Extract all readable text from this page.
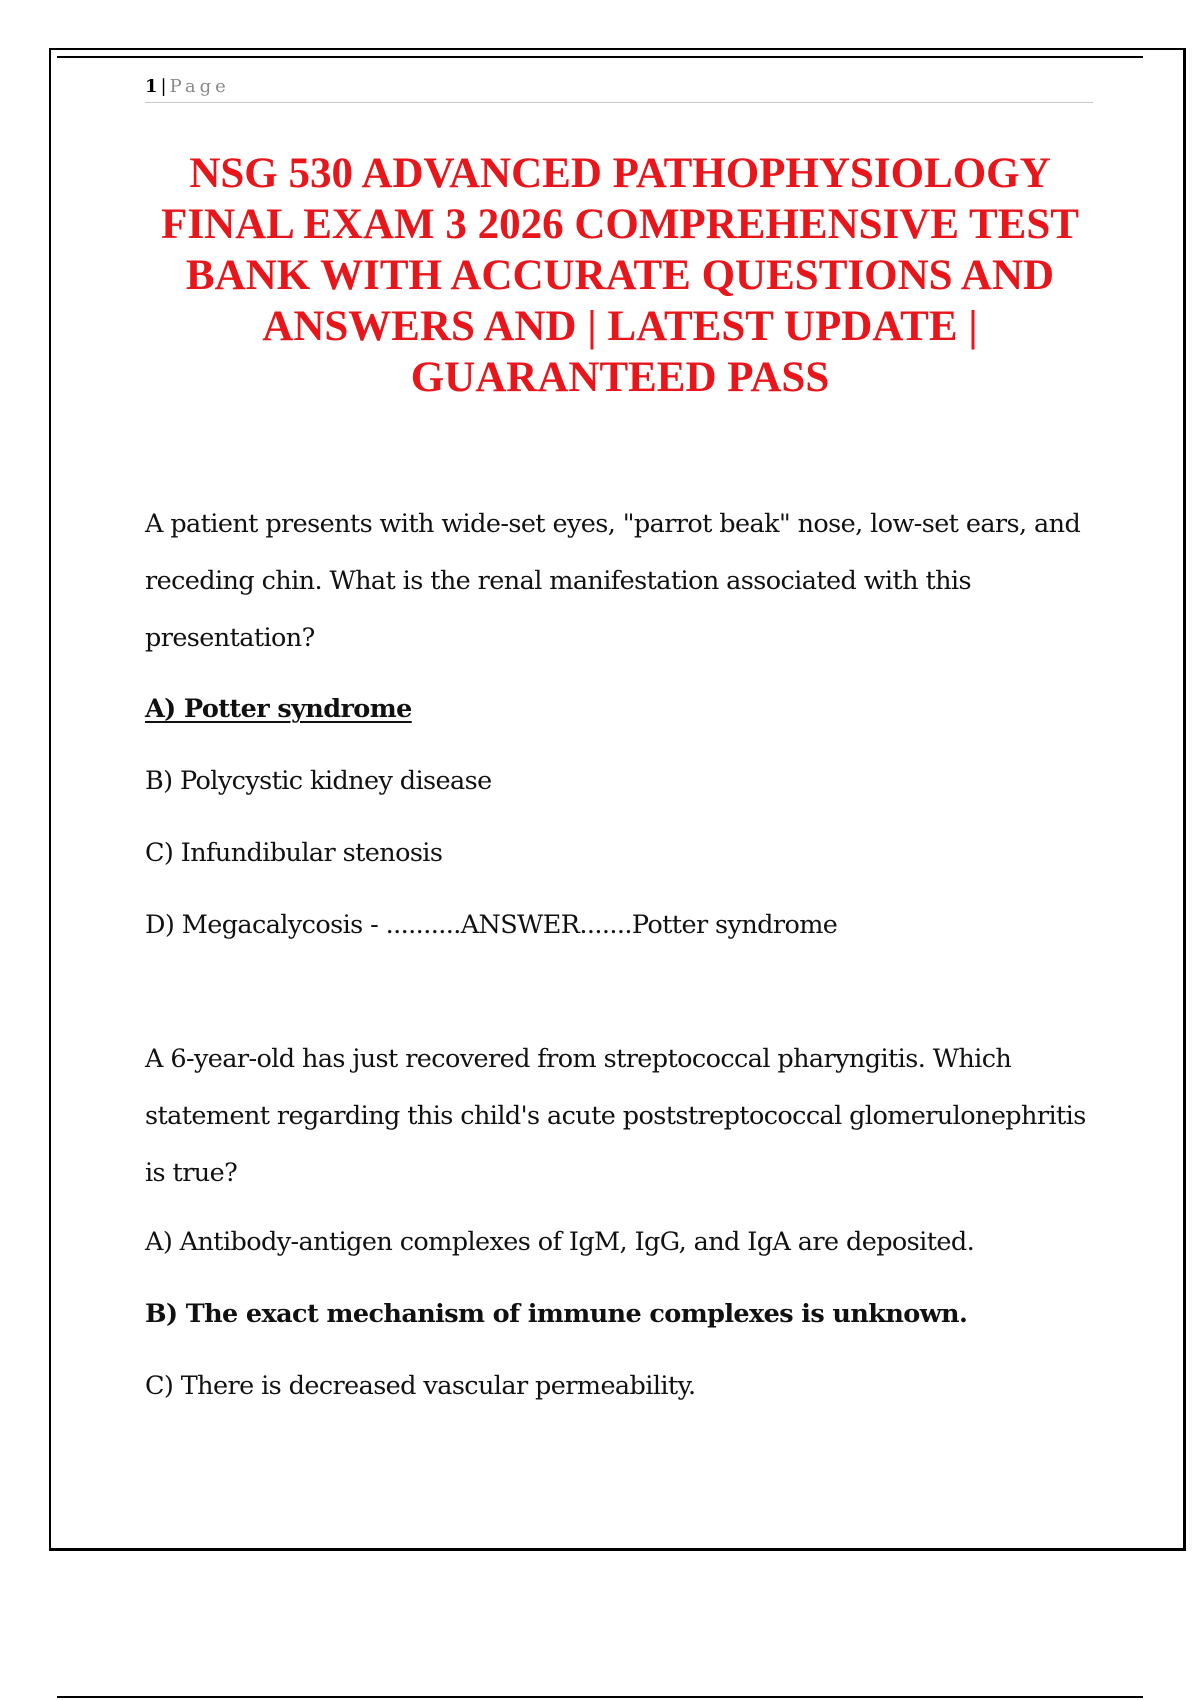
1 | Page
NSG 530 ADVANCED PATHOPHYSIOLOGY FINAL EXAM 3 2026 COMPREHENSIVE TEST BANK WITH ACCURATE QUESTIONS AND ANSWERS AND | LATEST UPDATE | GUARANTEED PASS

A patient presents with wide-set eyes, "parrot beak" nose, low-set ears, and receding chin. What is the renal manifestation associated with this presentation?

A) Potter syndrome

B) Polycystic kidney disease

C) Infundibular stenosis

D) Megacalycosis - ..........ANSWER.......Potter syndrome

A 6-year-old has just recovered from streptococcal pharyngitis. Which statement regarding this child's acute poststreptococcal glomerulonephritis is true?

A) Antibody-antigen complexes of IgM, IgG, and IgA are deposited.

B) The exact mechanism of immune complexes is unknown.

C) There is decreased vascular permeability.
